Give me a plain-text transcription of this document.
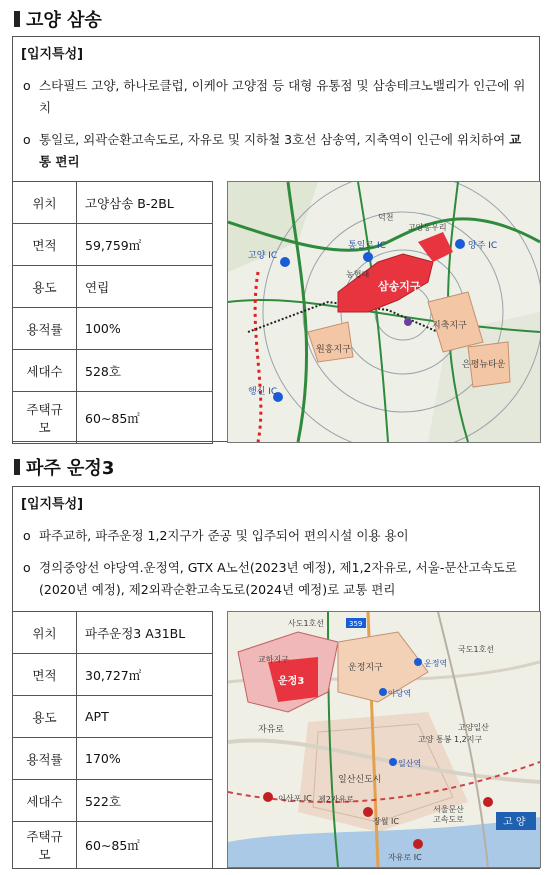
고양 삼송
[입지특성]
o 스타필드 고양, 하나로클럽, 이케아 고양점 등 대형 유통점 및 삼송테크노밸리가 인근에 위치
o 통일로, 외곽순환고속도로, 자유로 및 지하철 3호선 삼송역, 지축역이 인근에 위치하여 교통 편리
위치	고양삼송 B-2BL
면적	59,759㎡
용도	연립
용적률	100%
세대수	528호
주택규모	60∼85㎡
고양 IC
통일로 IC	양주 IC
행신 IC
삼송지구
원흥지구
지축지구
은평뉴타운
농협대
고양동우리
덕천
파주 운정3
[입지특성]
o 파주교하, 파주운정 1,2지구가 준공 및 입주되어 편의시설 이용 용이
o 경의중앙선 야당역.운정역, GTX A노선(2023년 예정), 제1,2자유로, 서울-문산고속도로(2020년 예정), 제2외곽순환고속도로(2024년 예정)로 교통 편리
위치	파주운정3 A31BL
면적	30,727㎡
용도	APT
용적률	170%
세대수	522호
주택규모	60∼85㎡
운정3
운정지구
교하지구
고양 통봉 1,2지구
일산신도시
고 양
국도1호선
자유로
제2자유로
이산포 IC
장월 IC
자유로 IC
운정역
야당역
일산역
359
서울문산
고속도로
사도1호선
고양일산
